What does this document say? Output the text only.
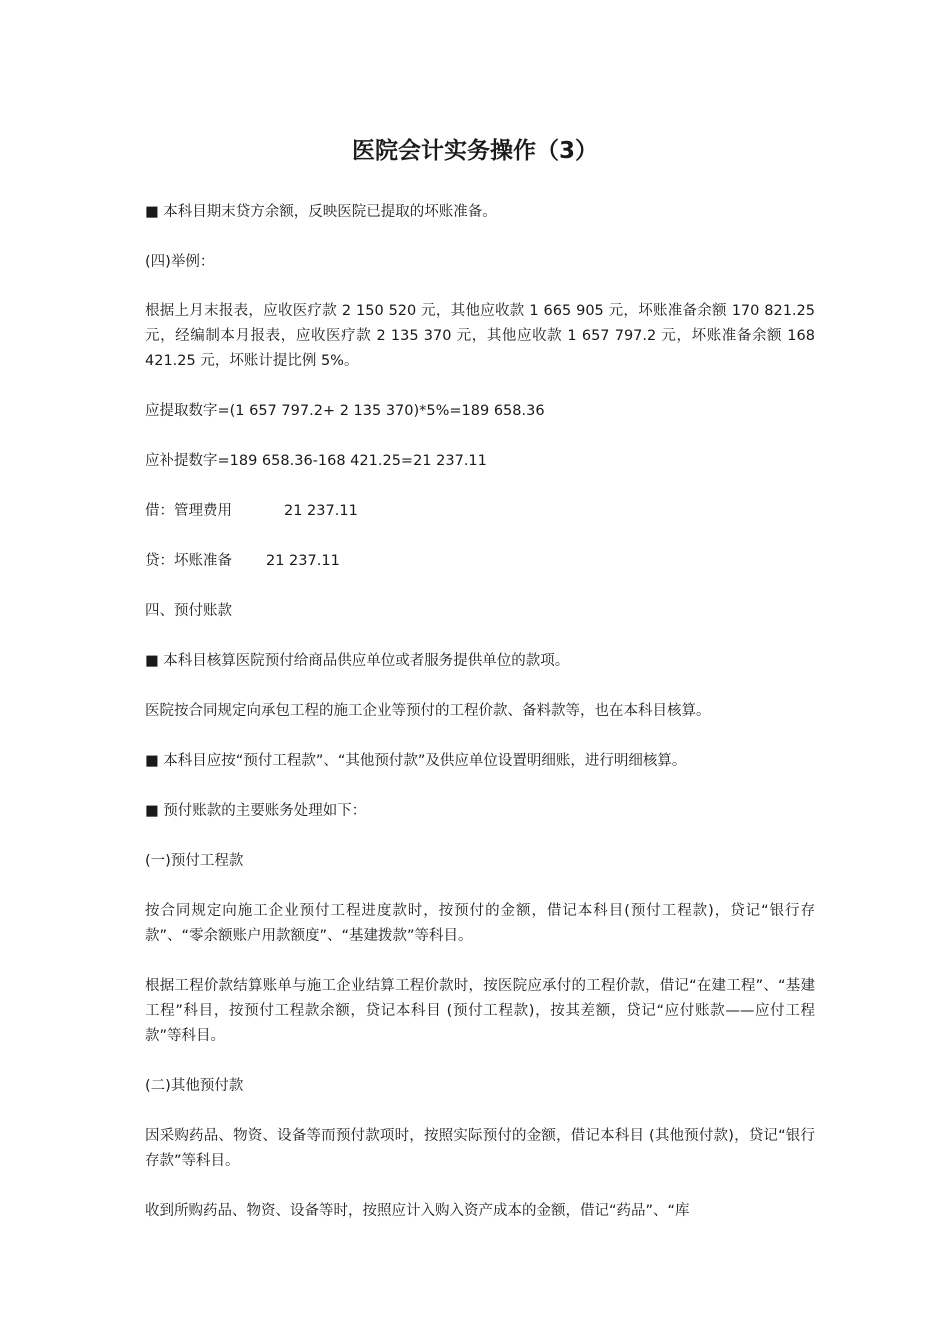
医院会计实务操作（3）

■ 本科目期末贷方余额，反映医院已提取的坏账准备。

(四)举例：

根据上月末报表，应收医疗款 2 150 520 元，其他应收款 1 665 905 元，坏账准备余额 170 821.25 元，经编制本月报表，应收医疗款 2 135 370 元，其他应收款 1 657 797.2 元，坏账准备余额 168 421.25 元，坏账计提比例 5%。

应提取数字=(1 657 797.2+ 2 135 370)*5%=189 658.36

应补提数字=189 658.36-168 421.25=21 237.11

借：管理费用	21 237.11

贷：坏账准备 21 237.11

四、预付账款

■ 本科目核算医院预付给商品供应单位或者服务提供单位的款项。

医院按合同规定向承包工程的施工企业等预付的工程价款、备料款等，也在本科目核算。

■ 本科目应按“预付工程款”、“其他预付款”及供应单位设置明细账，进行明细核算。

■ 预付账款的主要账务处理如下：

(一)预付工程款

按合同规定向施工企业预付工程进度款时，按预付的金额，借记本科目(预付工程款)，贷记“银行存款”、“零余额账户用款额度”、“基建拨款”等科目。

根据工程价款结算账单与施工企业结算工程价款时，按医院应承付的工程价款，借记“在建工程”、“基建工程”科目，按预付工程款余额，贷记本科目 (预付工程款)，按其差额，贷记“应付账款——应付工程款”等科目。

(二)其他预付款

因采购药品、物资、设备等而预付款项时，按照实际预付的金额，借记本科目 (其他预付款)，贷记“银行存款”等科目。

收到所购药品、物资、设备等时，按照应计入购入资产成本的金额，借记“药品”、“库
